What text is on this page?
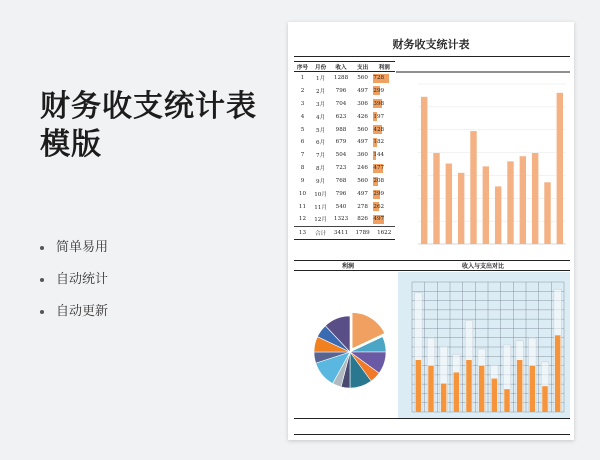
财务收支统计表模版
简单易用
自动统计
自动更新
财务收支统计表
序号	月份	收入	支出	利润
1	1月	1288	560	728
2	2月	796	497	299
3	3月	704	306	398
4	4月	623	426	197
5	5月	988	560	428
6	6月	679	497	182
7	7月	504	360	144
8	8月	723	246	477
9	9月	768	560	208
10	10月	796	497	299
11	11月	540	278	262
12	12月	1323	826	497
13	合计	3411	1789	1622
利润	收入与支出对比
